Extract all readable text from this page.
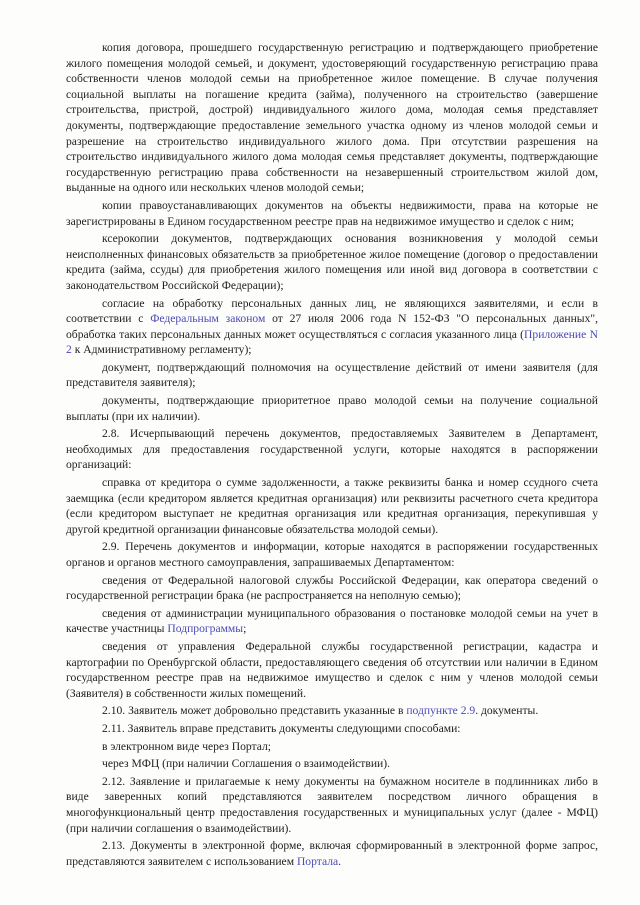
копия договора, прошедшего государственную регистрацию и подтверждающего приобретение жилого помещения молодой семьей, и документ, удостоверяющий государственную регистрацию права собственности членов молодой семьи на приобретенное жилое помещение. В случае получения социальной выплаты на погашение кредита (займа), полученного на строительство (завершение строительства, пристрой, дострой) индивидуального жилого дома, молодая семья представляет документы, подтверждающие предоставление земельного участка одному из членов молодой семьи и разрешение на строительство индивидуального жилого дома. При отсутствии разрешения на строительство индивидуального жилого дома молодая семья представляет документы, подтверждающие государственную регистрацию права собственности на незавершенный строительством жилой дом, выданные на одного или нескольких членов молодой семьи;

копии правоустанавливающих документов на объекты недвижимости, права на которые не зарегистрированы в Едином государственном реестре прав на недвижимое имущество и сделок с ним;

ксерокопии документов, подтверждающих основания возникновения у молодой семьи неисполненных финансовых обязательств за приобретенное жилое помещение (договор о предоставлении кредита (займа, ссуды) для приобретения жилого помещения или иной вид договора в соответствии с законодательством Российской Федерации);

согласие на обработку персональных данных лиц, не являющихся заявителями, и если в соответствии с Федеральным законом от 27 июля 2006 года N 152-ФЗ "О персональных данных", обработка таких персональных данных может осуществляться с согласия указанного лица (Приложение N 2 к Административному регламенту);

документ, подтверждающий полномочия на осуществление действий от имени заявителя (для представителя заявителя);

документы, подтверждающие приоритетное право молодой семьи на получение социальной выплаты (при их наличии).

2.8. Исчерпывающий перечень документов, предоставляемых Заявителем в Департамент, необходимых для предоставления государственной услуги, которые находятся в распоряжении организаций:

справка от кредитора о сумме задолженности, а также реквизиты банка и номер ссудного счета заемщика (если кредитором является кредитная организация) или реквизиты расчетного счета кредитора (если кредитором выступает не кредитная организация или кредитная организация, перекупившая у другой кредитной организации финансовые обязательства молодой семьи).

2.9. Перечень документов и информации, которые находятся в распоряжении государственных органов и органов местного самоуправления, запрашиваемых Департаментом:

сведения от Федеральной налоговой службы Российской Федерации, как оператора сведений о государственной регистрации брака (не распространяется на неполную семью);

сведения от администрации муниципального образования о постановке молодой семьи на учет в качестве участницы Подпрограммы;

сведения от управления Федеральной службы государственной регистрации, кадастра и картографии по Оренбургской области, предоставляющего сведения об отсутствии или наличии в Едином государственном реестре прав на недвижимое имущество и сделок с ним у членов молодой семьи (Заявителя) в собственности жилых помещений.

2.10. Заявитель может добровольно представить указанные в подпункте 2.9. документы.

2.11. Заявитель вправе представить документы следующими способами:

в электронном виде через Портал;

через МФЦ (при наличии Соглашения о взаимодействии).

2.12. Заявление и прилагаемые к нему документы на бумажном носителе в подлинниках либо в виде заверенных копий представляются заявителем посредством личного обращения в многофункциональный центр предоставления государственных и муниципальных услуг (далее - МФЦ) (при наличии соглашения о взаимодействии).

2.13. Документы в электронной форме, включая сформированный в электронной форме запрос, представляются заявителем с использованием Портала.
